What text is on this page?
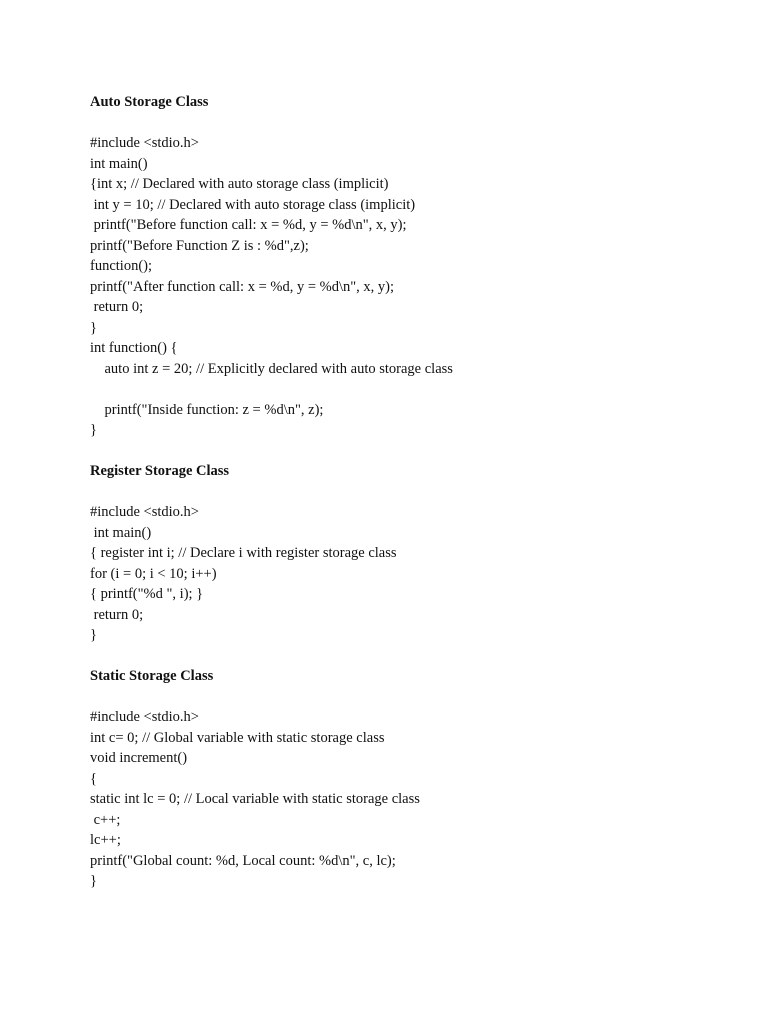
Auto Storage Class
#include <stdio.h>
int main()
{int x; // Declared with auto storage class (implicit)
int y = 10; // Declared with auto storage class (implicit)
printf("Before function call: x = %d, y = %d\n", x, y);
printf("Before Function Z is : %d",z);
function();
printf("After function call: x = %d, y = %d\n", x, y);
return 0;
}
int function() {
auto int z = 20; // Explicitly declared with auto storage class
printf("Inside function: z = %d\n", z);
}
Register Storage Class
#include <stdio.h>
int main()
{ register int i; // Declare i with register storage class
for (i = 0; i < 10; i++)
{ printf("%d ", i); }
return 0;
}
Static Storage Class
#include <stdio.h>
int c= 0; // Global variable with static storage class
void increment()
{
static int lc = 0; // Local variable with static storage class
c++;
lc++;
printf("Global count: %d, Local count: %d\n", c, lc);
}
